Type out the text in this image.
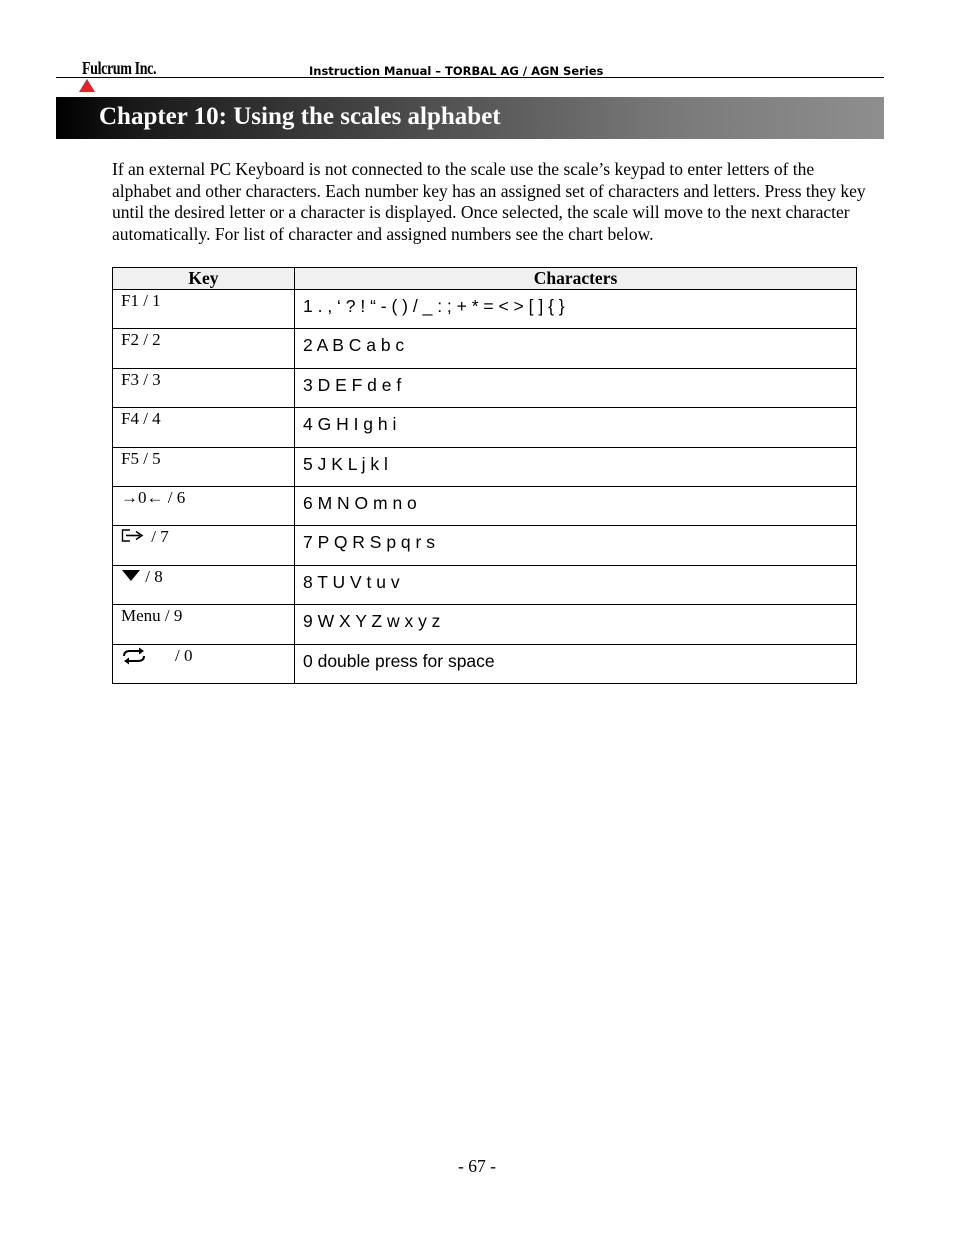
Fulcrum Inc.	Instruction Manual – TORBAL AG / AGN Series
Chapter 10: Using the scales alphabet

If an external PC Keyboard is not connected to the scale use the scale’s keypad to enter letters of the alphabet and other characters. Each number key has an assigned set of characters and letters. Press they key until the desired letter or a character is displayed. Once selected, the scale will move to the next character automatically. For list of character and assigned numbers see the chart below.

Key	Characters
F1 / 1	1 . , ‘ ? ! “ - ( ) / _ : ; + * = < > [ ] { }
F2 / 2	2 A B C a b c
F3 / 3	3 D E F d e f
F4 / 4	4 G H I g h i
F5 / 5	5 J K L j k l
→0← / 6	6 M N O m n o

/ 7	7 P Q R S p q r s

/ 8	8 T U V t u v
Menu / 9	9 W X Y Z w x y z

/ 0	0 double press for space
- 67 -
